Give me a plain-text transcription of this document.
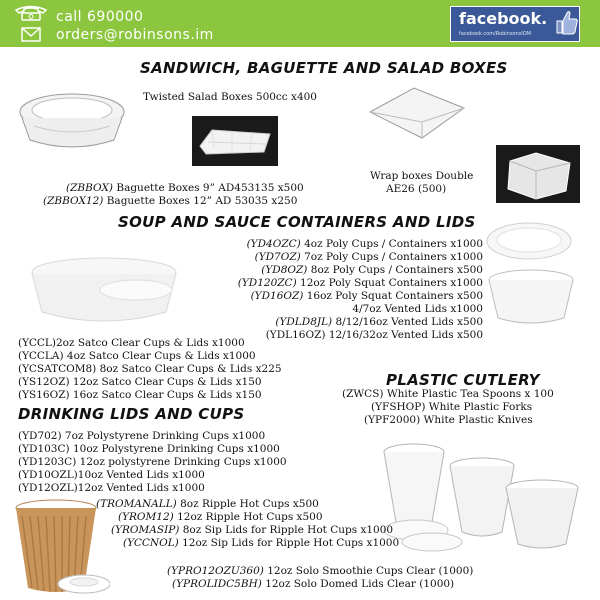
call 690000
orders@robinsons.im
facebook.
facebook.com/RobinsonsIOM
SANDWICH, BAGUETTE AND SALAD BOXES
Twisted Salad Boxes 500cc x400
Wrap boxes Double
AE26 (500)
(ZBBOX) Baguette Boxes 9” AD453135 x500
(ZBBOX12) Baguette Boxes 12” AD 53035 x250
SOUP AND SAUCE CONTAINERS AND LIDS
(YD4OZC) 4oz Poly Cups / Containers x1000
(YD7OZ) 7oz Poly Cups / Containers x1000
(YD8OZ) 8oz Poly Cups / Containers x500
(YD120ZC) 12oz Poly Squat Containers x1000
(YD16OZ) 16oz Poly Squat Containers x500
4/7oz Vented Lids x1000
(YDLD8JL) 8/12/16oz Vented Lids x500
(YDL16OZ) 12/16/32oz Vented Lids x500
(YCCL)2oz Satco Clear Cups & Lids x1000
(YCCLA) 4oz Satco Clear Cups & Lids x1000
(YCSATCOM8) 8oz Satco Clear Cups & Lids x225
(YS12OZ) 12oz Satco Clear Cups & Lids x150
(YS16OZ) 16oz Satco Clear Cups & Lids x150
PLASTIC CUTLERY
(ZWCS) White Plastic Tea Spoons x 100
(YFSHOP) White Plastic Forks
(YPF2000) White Plastic Knives
DRINKING LIDS AND CUPS
(YD702) 7oz Polystyrene Drinking Cups x1000
(YD103C) 10oz Polystyrene Drinking Cups x1000
(YD1203C) 12oz polystyrene Drinking Cups x1000
(YD10OZL)10oz Vented Lids x1000
(YD12OZL)12oz Vented Lids x1000
(TROMANALL) 8oz Ripple Hot Cups x500
(YROM12) 12oz Ripple Hot Cups x500
(YROMASIP) 8oz Sip Lids for Ripple Hot Cups x1000
(YCCNOL) 12oz Sip Lids for Ripple Hot Cups x1000
(YPRO12OZU360) 12oz Solo Smoothie Cups Clear (1000)
(YPROLIDC5BH) 12oz Solo Domed Lids Clear (1000)
